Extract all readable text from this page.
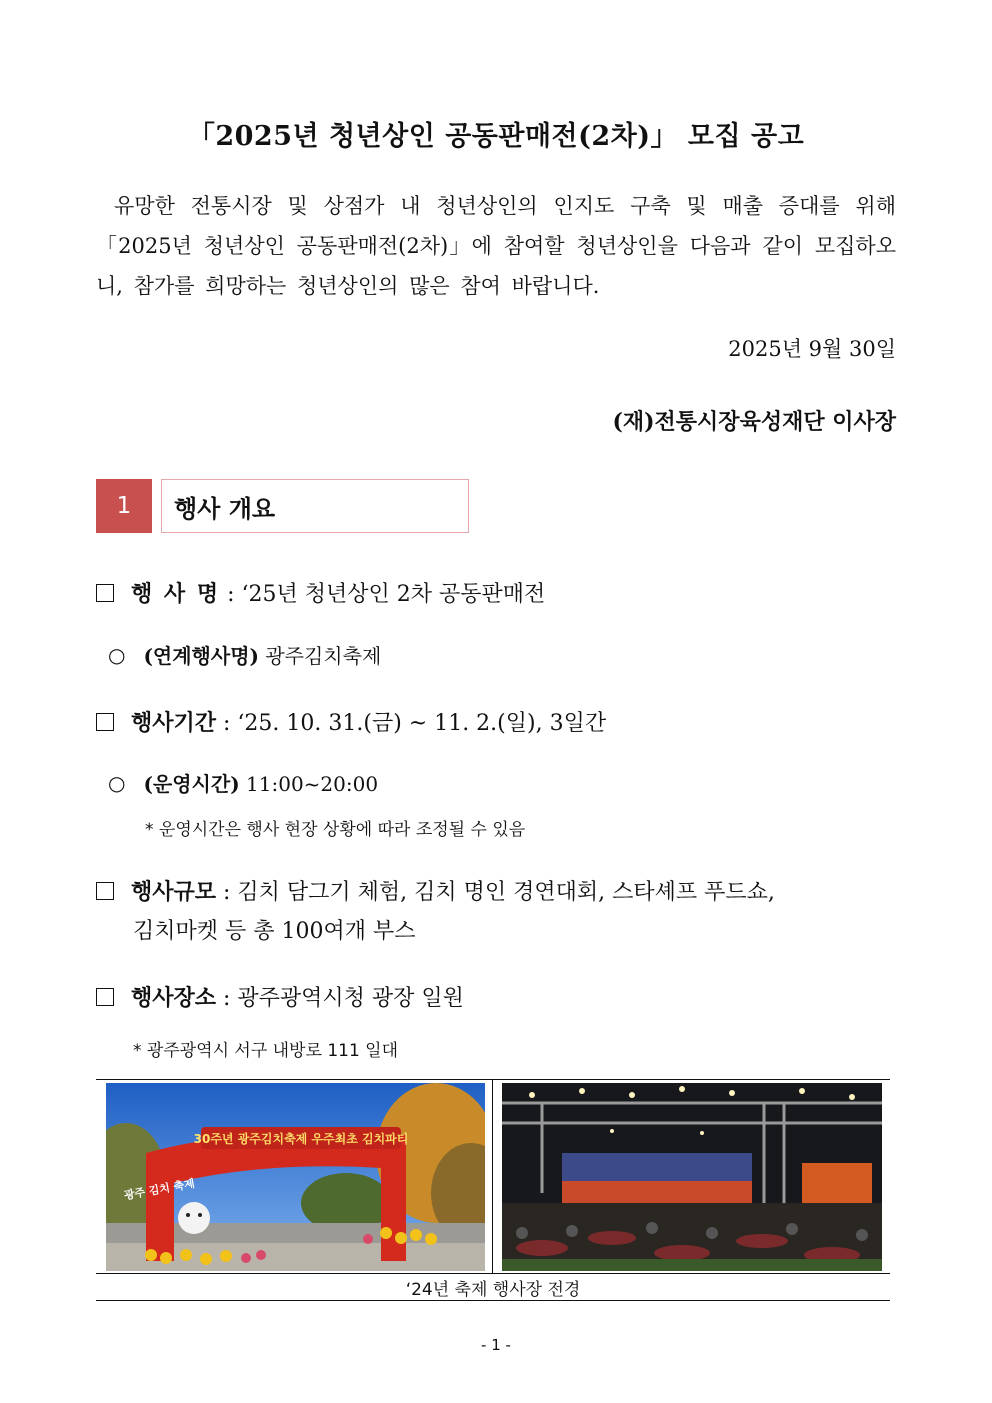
「2025년 청년상인 공동판매전(2차)」 모집 공고
유망한 전통시장 및 상점가 내 청년상인의 인지도 구축 및 매출 증대를 위해「2025년 청년상인 공동판매전(2차)」에 참여할 청년상인을 다음과 같이 모집하오니, 참가를 희망하는 청년상인의 많은 참여 바랍니다.
2025년 9월 30일
(재)전통시장육성재단 이사장
1	행사 개요
행 사 명 : ‘25년 청년상인 2차 공동판매전
○ (연계행사명) 광주김치축제
행사기간 : ‘25. 10. 31.(금) ~ 11. 2.(일), 3일간
○ (운영시간) 11:00~20:00
* 운영시간은 행사 현장 상황에 따라 조정될 수 있음
행사규모 : 김치 담그기 체험, 김치 명인 경연대회, 스타셰프 푸드쇼,
김치마켓 등 총 100여개 부스
행사장소 : 광주광역시청 광장 일원
* 광주광역시 서구 내방로 111 일대
30주년 광주김치축제 우주최초 김치파티
광주 김치 축제
‘24년 축제 행사장 전경
- 1 -
